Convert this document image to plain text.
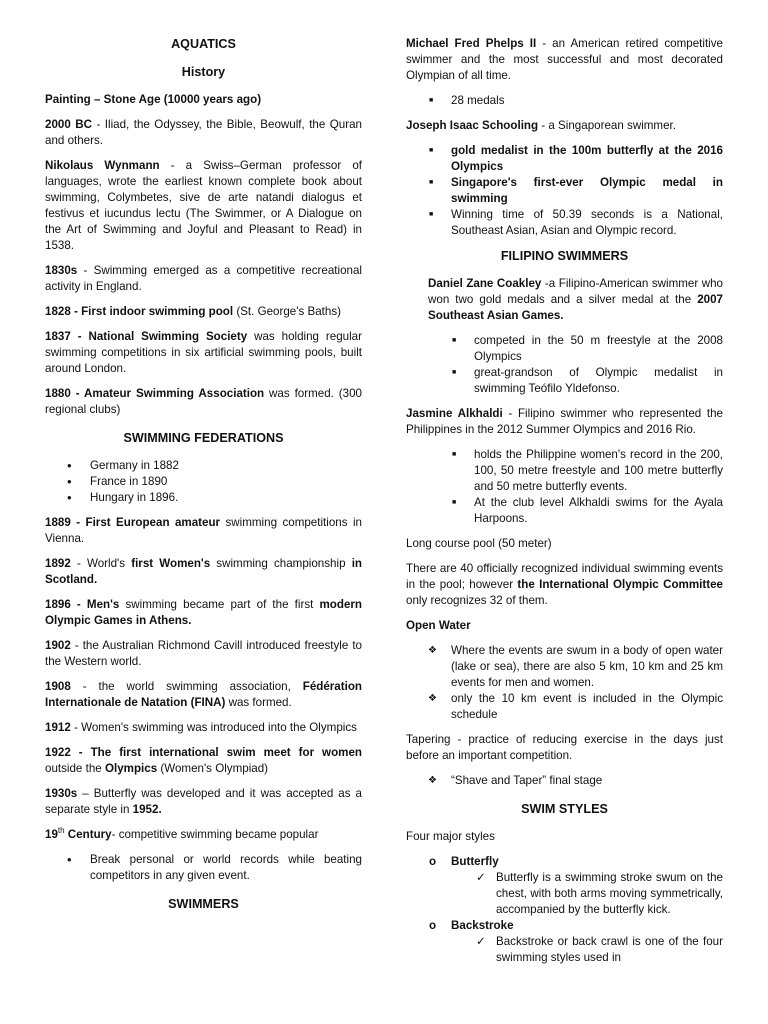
AQUATICS
History

Painting – Stone Age (10000 years ago)

2000 BC - Iliad, the Odyssey, the Bible, Beowulf, the Quran and others.

Nikolaus Wynmann - a Swiss–German professor of languages, wrote the earliest known complete book about swimming, Colymbetes, sive de arte natandi dialogus et festivus et iucundus lectu (The Swimmer, or A Dialogue on the Art of Swimming and Joyful and Pleasant to Read) in 1538.

1830s - Swimming emerged as a competitive recreational activity in England.

1828 - First indoor swimming pool (St. George's Baths)

1837 - National Swimming Society was holding regular swimming competitions in six artificial swimming pools, built around London.

1880 - Amateur Swimming Association was formed. (300 regional clubs)

SWIMMING FEDERATIONS
• Germany in 1882
• France in 1890
• Hungary in 1896.

1889 - First European amateur swimming competitions in Vienna.

1892 - World's first Women's swimming championship in Scotland.

1896 - Men's swimming became part of the first modern Olympic Games in Athens.

1902 - the Australian Richmond Cavill introduced freestyle to the Western world.

1908 - the world swimming association, Fédération Internationale de Natation (FINA) was formed.

1912 - Women's swimming was introduced into the Olympics

1922 - The first international swim meet for women outside the Olympics (Women's Olympiad)

1930s – Butterfly was developed and it was accepted as a separate style in 1952.

19th Century- competitive swimming became popular

• Break personal or world records while beating competitors in any given event.
SWIMMERS

Michael Fred Phelps II - an American retired competitive swimmer and the most successful and most decorated Olympian of all time.

■ 28 medals

Joseph Isaac Schooling - a Singaporean swimmer.

■ gold medalist in the 100m butterfly at the 2016 Olympics
■ Singapore's first-ever Olympic medal in swimming
■ Winning time of 50.39 seconds is a National, Southeast Asian, Asian and Olympic record.
FILIPINO SWIMMERS

Daniel Zane Coakley -a Filipino-American swimmer who won two gold medals and a silver medal at the 2007 Southeast Asian Games.

■ competed in the 50 m freestyle at the 2008 Olympics
■ great-grandson of Olympic medalist in swimming Teófilo Yldefonso.

Jasmine Alkhaldi - Filipino swimmer who represented the Philippines in the 2012 Summer Olympics and 2016 Rio.

■ holds the Philippine women's record in the 200, 100, 50 metre freestyle and 100 metre butterfly and 50 metre butterfly events.
■ At the club level Alkhaldi swims for the Ayala Harpoons.

Long course pool (50 meter)

There are 40 officially recognized individual swimming events in the pool; however the International Olympic Committee only recognizes 32 of them.

Open Water

❖ Where the events are swum in a body of open water (lake or sea), there are also 5 km, 10 km and 25 km events for men and women.
❖ only the 10 km event is included in the Olympic schedule

Tapering - practice of reducing exercise in the days just before an important competition.

❖ “Shave and Taper” final stage
SWIM STYLES

Four major styles

o Butterfly
✓ Butterfly is a swimming stroke swum on the chest, with both arms moving symmetrically, accompanied by the butterfly kick.
o Backstroke
✓ Backstroke or back crawl is one of the four swimming styles used in
